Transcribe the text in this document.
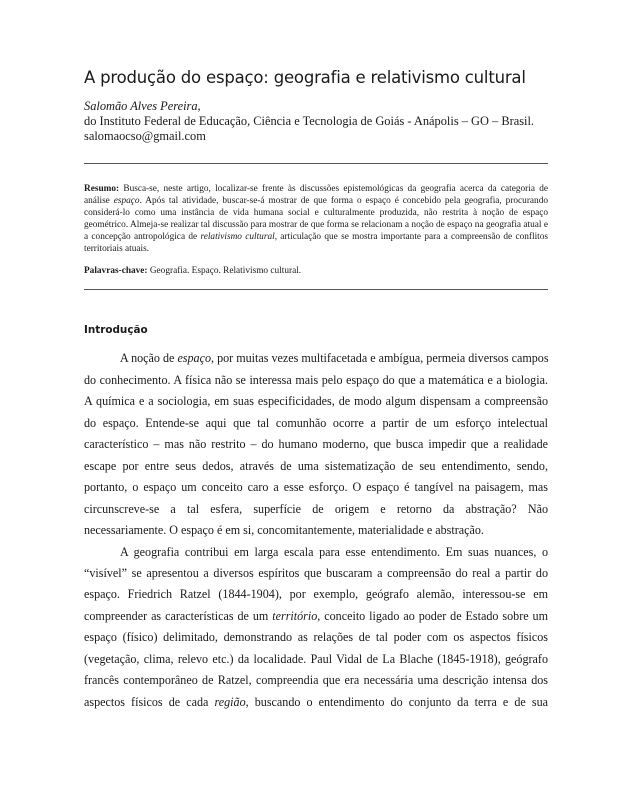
A produção do espaço: geografia e relativismo cultural
Salomão Alves Pereira,
do Instituto Federal de Educação, Ciência e Tecnologia de Goiás - Anápolis – GO – Brasil.
salomaocso@gmail.com
Resumo: Busca-se, neste artigo, localizar-se frente às discussões epistemológicas da geografia acerca da categoria de análise espaço. Após tal atividade, buscar-se-á mostrar de que forma o espaço é concebido pela geografia, procurando considerá-lo como uma instância de vida humana social e culturalmente produzida, não restrita à noção de espaço geométrico. Almeja-se realizar tal discussão para mostrar de que forma se relacionam a noção de espaço na geografia atual e a concepção antropológica de relativismo cultural, articulação que se mostra importante para a compreensão de conflitos territoriais atuais.
Palavras-chave: Geografia. Espaço. Relativismo cultural.
Introdução
A noção de espaço, por muitas vezes multifacetada e ambígua, permeia diversos campos
do conhecimento. A física não se interessa mais pelo espaço do que a matemática e a biologia.
A química e a sociologia, em suas especificidades, de modo algum dispensam a compreensão
do espaço. Entende-se aqui que tal comunhão ocorre a partir de um esforço intelectual
característico – mas não restrito – do humano moderno, que busca impedir que a realidade
escape por entre seus dedos, através de uma sistematização de seu entendimento, sendo,
portanto, o espaço um conceito caro a esse esforço. O espaço é tangível na paisagem, mas
circunscreve-se a tal esfera, superfície de origem e retorno da abstração? Não
necessariamente. O espaço é em si, concomitantemente, materialidade e abstração.
A geografia contribui em larga escala para esse entendimento. Em suas nuances, o
“visível” se apresentou a diversos espíritos que buscaram a compreensão do real a partir do
espaço. Friedrich Ratzel (1844-1904), por exemplo, geógrafo alemão, interessou-se em
compreender as características de um território, conceito ligado ao poder de Estado sobre um
espaço (físico) delimitado, demonstrando as relações de tal poder com os aspectos físicos
(vegetação, clima, relevo etc.) da localidade. Paul Vidal de La Blache (1845-1918), geógrafo
francês contemporâneo de Ratzel, compreendia que era necessária uma descrição intensa dos
aspectos físicos de cada região, buscando o entendimento do conjunto da terra e de sua
